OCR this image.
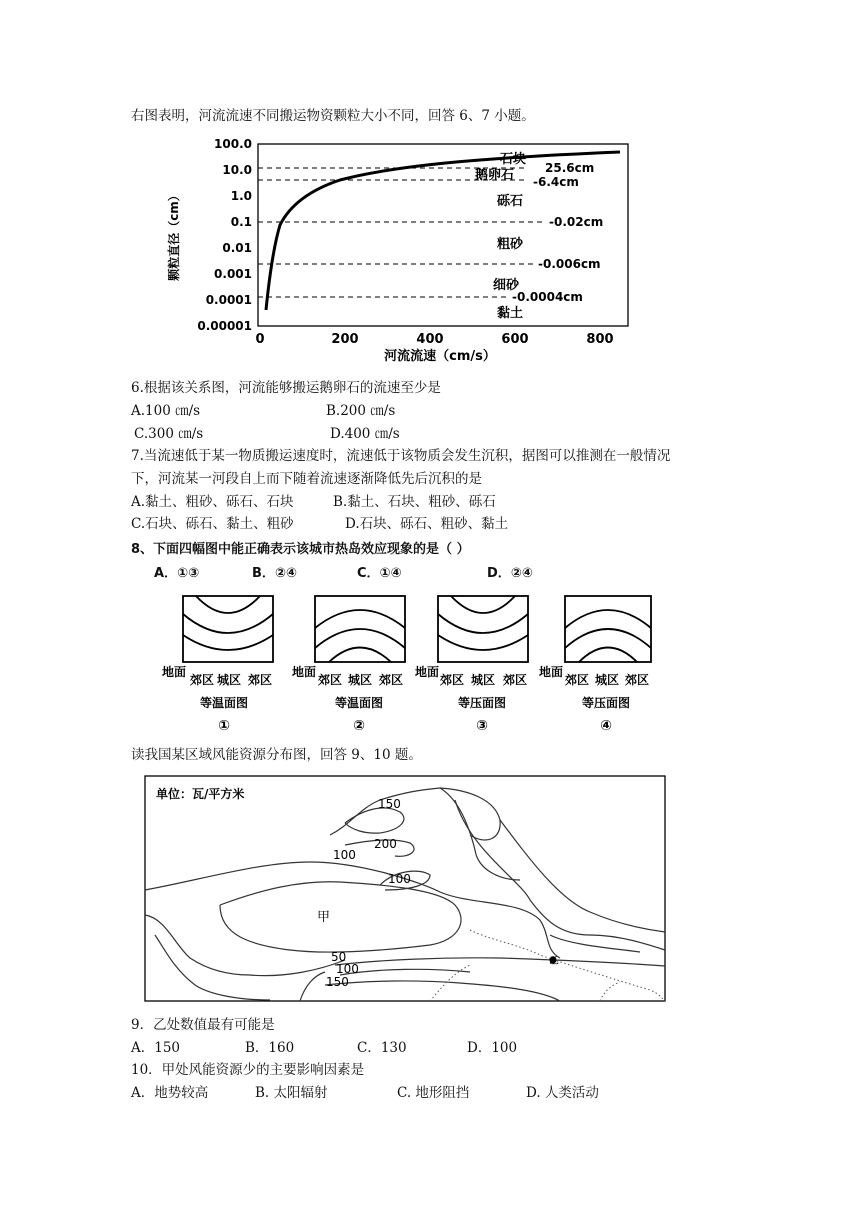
右图表明，河流流速不同搬运物资颗粒大小不同，回答 6、7 小题。
100.0
10.0
1.0
0.1
0.01
0.001
0.0001
0.00001
0	200	400	600	800
河流流速（cm/s）
颗粒直径（cm）
石块
鹅卵石
砾石
粗砂
细砂
黏土
25.6cm
-6.4cm
-0.02cm
-0.006cm
-0.0004cm
6.根据该关系图，河流能够搬运鹅卵石的流速至少是
A.100 ㎝/s	B.200 ㎝/s
C.300 ㎝/s	D.400 ㎝/s
7.当流速低于某一物质搬运速度时，流速低于该物质会发生沉积，据图可以推测在一般情况
下，河流某一河段自上而下随着流速逐渐降低先后沉积的是
A.黏土、粗砂、砾石、石块	B.黏土、石块、粗砂、砾石
C.石块、砾石、黏土、粗砂	D.石块、砾石、粗砂、黏土
8、下面四幅图中能正确表示该城市热岛效应现象的是（ ）
A．①③	B．②④	C．①④	D．②④
地面
郊区 城区 郊区
等温面图
①
地面
郊区 城区 郊区
等温面图
②
地面
郊区 城区 郊区
等压面图
③
地面
郊区 城区 郊区
等压面图
④
读我国某区域风能资源分布图，回答 9、10 题。
单位：瓦/平方米
150
200
100
100
甲
50
100
150
乙
9．乙处数值最有可能是
A．150	B．160	C．130	D．100
10．甲处风能资源少的主要影响因素是
A．地势较高	B. 太阳辐射	C. 地形阻挡	D. 人类活动
